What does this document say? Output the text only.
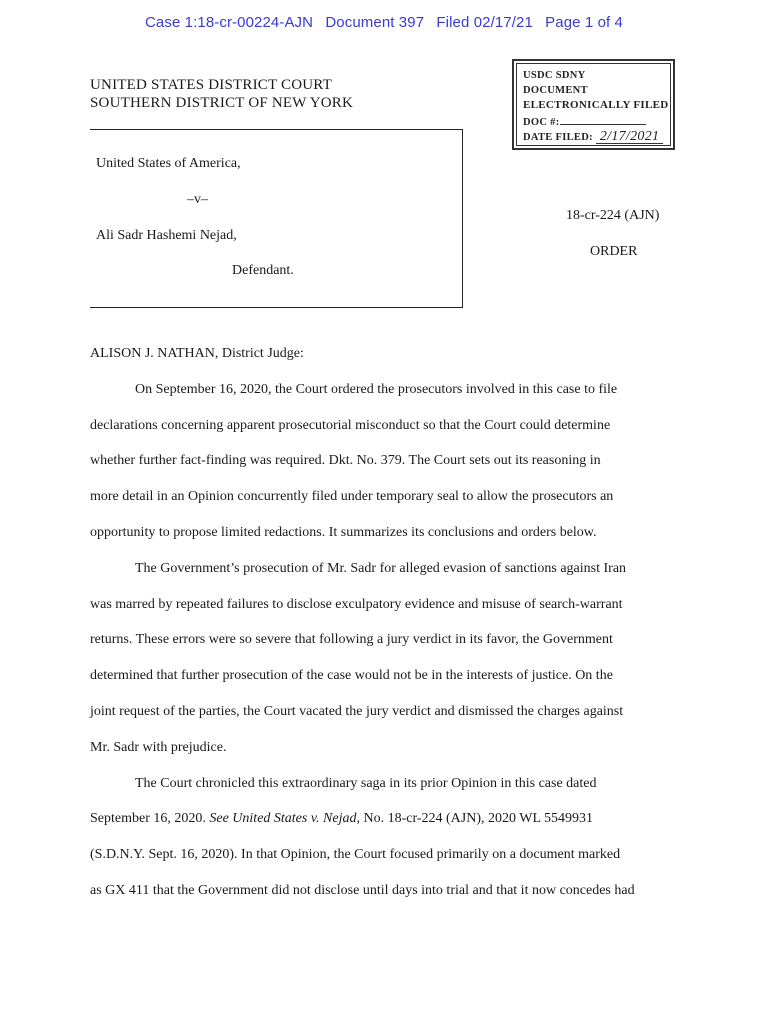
Case 1:18-cr-00224-AJN Document 397 Filed 02/17/21 Page 1 of 4
UNITED STATES DISTRICT COURT
SOUTHERN DISTRICT OF NEW YORK
USDC SDNY
DOCUMENT
ELECTRONICALLY FILED
DOC #:
DATE FILED: 2/17/2021
United States of America,
–v–
Ali Sadr Hashemi Nejad,
Defendant.
18-cr-224 (AJN)
ORDER
ALISON J. NATHAN, District Judge:
On September 16, 2020, the Court ordered the prosecutors involved in this case to file
declarations concerning apparent prosecutorial misconduct so that the Court could determine
whether further fact-finding was required. Dkt. No. 379. The Court sets out its reasoning in
more detail in an Opinion concurrently filed under temporary seal to allow the prosecutors an
opportunity to propose limited redactions. It summarizes its conclusions and orders below.
The Government’s prosecution of Mr. Sadr for alleged evasion of sanctions against Iran
was marred by repeated failures to disclose exculpatory evidence and misuse of search-warrant
returns. These errors were so severe that following a jury verdict in its favor, the Government
determined that further prosecution of the case would not be in the interests of justice. On the
joint request of the parties, the Court vacated the jury verdict and dismissed the charges against
Mr. Sadr with prejudice.
The Court chronicled this extraordinary saga in its prior Opinion in this case dated
September 16, 2020. See United States v. Nejad, No. 18-cr-224 (AJN), 2020 WL 5549931
(S.D.N.Y. Sept. 16, 2020). In that Opinion, the Court focused primarily on a document marked
as GX 411 that the Government did not disclose until days into trial and that it now concedes had
